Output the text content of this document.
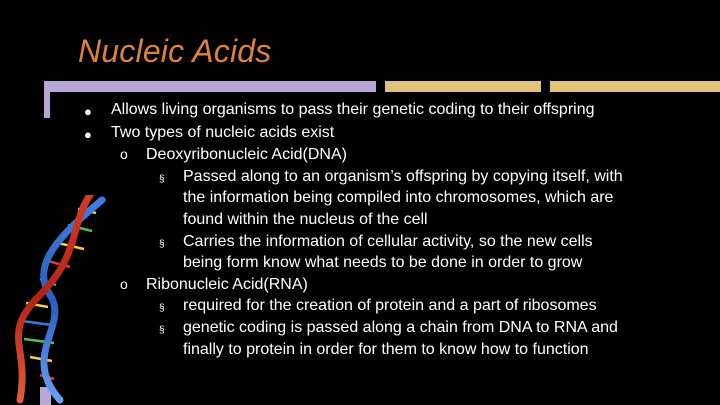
Nucleic Acids
● Allows living organisms to pass their genetic coding to their offspring
● Two types of nucleic acids exist
o Deoxyribonucleic Acid(DNA)
§ Passed along to an organism’s offspring by copying itself, with
the information being compiled into chromosomes, which are
found within the nucleus of the cell
§ Carries the information of cellular activity, so the new cells
being form know what needs to be done in order to grow
o Ribonucleic Acid(RNA)
§ required for the creation of protein and a part of ribosomes
§ genetic coding is passed along a chain from DNA to RNA and
finally to protein in order for them to know how to function
